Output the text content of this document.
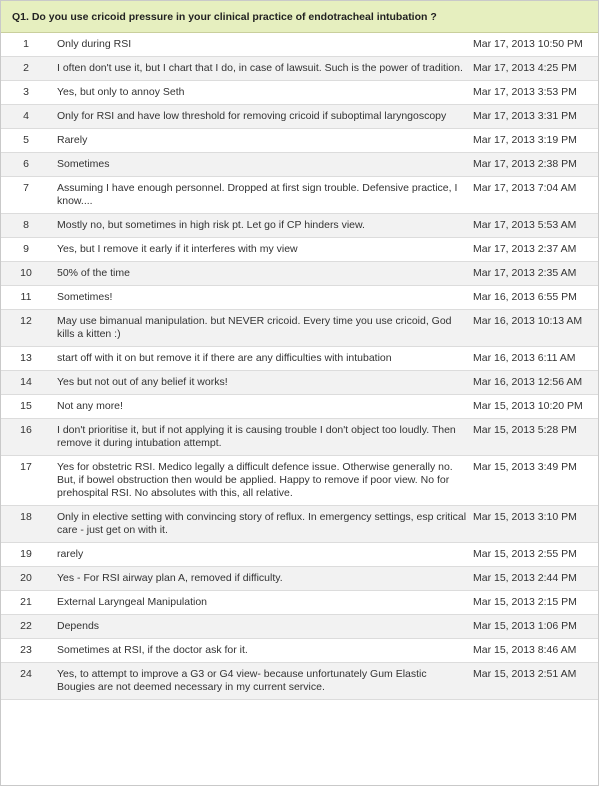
Q1. Do you use cricoid pressure in your clinical practice of endotracheal intubation ?
1	Only during RSI	Mar 17, 2013 10:50 PM
2	I often don't use it, but I chart that I do, in case of lawsuit. Such is the power of tradition.	Mar 17, 2013 4:25 PM
3	Yes, but only to annoy Seth	Mar 17, 2013 3:53 PM
4	Only for RSI and have low threshold for removing cricoid if suboptimal laryngoscopy	Mar 17, 2013 3:31 PM
5	Rarely	Mar 17, 2013 3:19 PM
6	Sometimes	Mar 17, 2013 2:38 PM
7	Assuming I have enough personnel. Dropped at first sign trouble. Defensive practice, I know....	Mar 17, 2013 7:04 AM
8	Mostly no, but sometimes in high risk pt. Let go if CP hinders view.	Mar 17, 2013 5:53 AM
9	Yes, but I remove it early if it interferes with my view	Mar 17, 2013 2:37 AM
10	50% of the time	Mar 17, 2013 2:35 AM
11	Sometimes!	Mar 16, 2013 6:55 PM
12	May use bimanual manipulation. but NEVER cricoid. Every time you use cricoid, God kills a kitten :)	Mar 16, 2013 10:13 AM
13	start off with it on but remove it if there are any difficulties with intubation	Mar 16, 2013 6:11 AM
14	Yes but not out of any belief it works!	Mar 16, 2013 12:56 AM
15	Not any more!	Mar 15, 2013 10:20 PM
16	I don't prioritise it, but if not applying it is causing trouble I don't object too loudly. Then remove it during intubation attempt.	Mar 15, 2013 5:28 PM
17	Yes for obstetric RSI. Medico legally a difficult defence issue. Otherwise generally no. But, if bowel obstruction then would be applied. Happy to remove if poor view. No for prehospital RSI. No absolutes with this, all relative.	Mar 15, 2013 3:49 PM
18	Only in elective setting with convincing story of reflux. In emergency settings, esp critical care - just get on with it.	Mar 15, 2013 3:10 PM
19	rarely	Mar 15, 2013 2:55 PM
20	Yes - For RSI airway plan A, removed if difficulty.	Mar 15, 2013 2:44 PM
21	External Laryngeal Manipulation	Mar 15, 2013 2:15 PM
22	Depends	Mar 15, 2013 1:06 PM
23	Sometimes at RSI, if the doctor ask for it.	Mar 15, 2013 8:46 AM
24	Yes, to attempt to improve a G3 or G4 view- because unfortunately Gum Elastic Bougies are not deemed necessary in my current service.	Mar 15, 2013 2:51 AM
